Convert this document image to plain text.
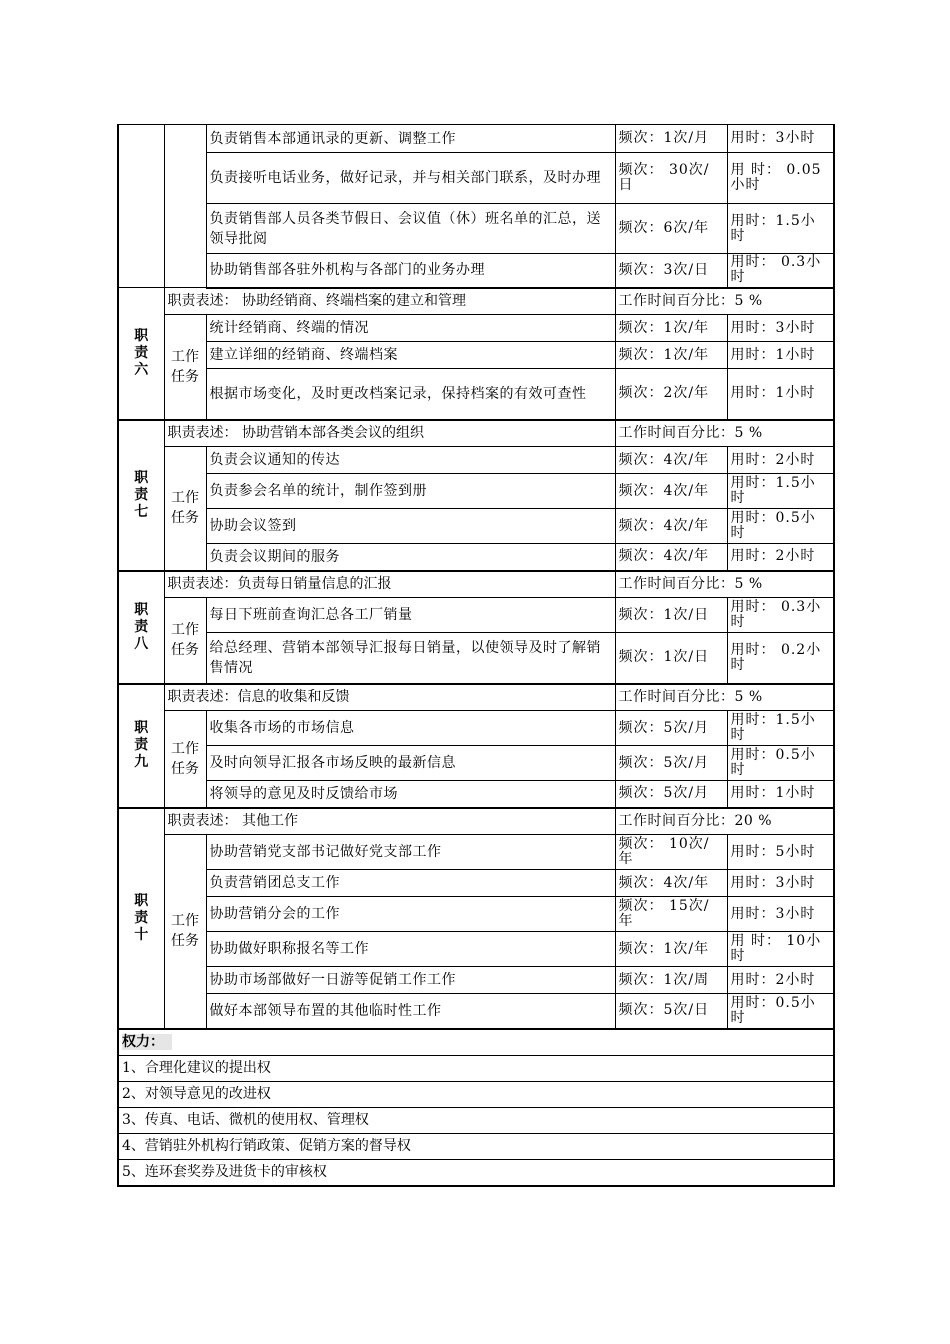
		负责销售本部通讯录的更新、调整工作	频次：1次/月	用时：3小时
		负责接听电话业务，做好记录，并与相关部门联系，及时办理	频次： 30次/日	用 时： 0.05小时
		负责销售部人员各类节假日、会议值（休）班名单的汇总，送领导批阅	频次：6次/年	用时：1.5小时
		协助销售部各驻外机构与各部门的业务办理	频次：3次/日	用时： 0.3小时

职责六	职责表述： 协助经销商、终端档案的建立和管理		工作时间百分比：5 %	

	工作
任务	统计经销商、终端的情况	频次：1次/年	用时：3小时
		建立详细的经销商、终端档案	频次：1次/年	用时：1小时
		根据市场变化，及时更改档案记录，保持档案的有效可查性	频次：2次/年	用时：1小时

职责七	职责表述： 协助营销本部各类会议的组织		工作时间百分比：5 %	

	工作
任务	负责会议通知的传达	频次：4次/年	用时：2小时
		负责参会名单的统计，制作签到册	频次：4次/年	用时：1.5小时
		协助会议签到	频次：4次/年	用时：0.5小时
		负责会议期间的服务	频次：4次/年	用时：2小时

职责八	职责表述：负责每日销量信息的汇报		工作时间百分比：5 %	

	工作
任务	每日下班前查询汇总各工厂销量	频次：1次/日	用时： 0.3小时
		给总经理、营销本部领导汇报每日销量，以使领导及时了解销售情况	频次：1次/日	用时： 0.2小时

职责九	职责表述：信息的收集和反馈		工作时间百分比：5 %	

	工作
任务	收集各市场的市场信息	频次：5次/月	用时：1.5小时
		及时向领导汇报各市场反映的最新信息	频次：5次/月	用时：0.5小时
		将领导的意见及时反馈给市场	频次：5次/月	用时：1小时

职责十	职责表述： 其他工作		工作时间百分比：20 %	

	工作
任务	协助营销党支部书记做好党支部工作	频次： 10次/年	用时：5小时
		负责营销团总支工作	频次：4次/年	用时：3小时
		协助营销分会的工作	频次： 15次/年	用时：3小时
		协助做好职称报名等工作	频次：1次/年	用 时： 10小时
		协助市场部做好一日游等促销工作工作	频次：1次/周	用时：2小时
		做好本部领导布置的其他临时性工作	频次：5次/日	用时：0.5小时
权力：				
1、合理化建议的提出权				
2、对领导意见的改进权				
3、传真、电话、微机的使用权、管理权				
4、营销驻外机构行销政策、促销方案的督导权				
5、连环套奖券及进货卡的审核权				
